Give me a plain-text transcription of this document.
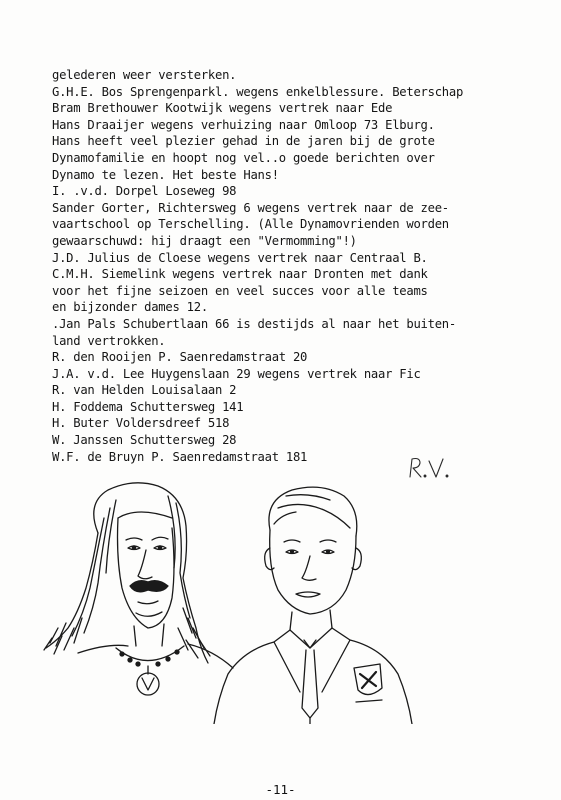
gelederen weer versterken.
G.H.E. Bos Sprengenparkl. wegens enkelblessure. Beterschap
Bram Brethouwer Kootwijk wegens vertrek naar Ede
Hans Draaijer wegens verhuizing naar Omloop 73 Elburg.
Hans heeft veel plezier gehad in de jaren bij de grote
Dynamofamilie en hoopt nog vel..o goede berichten over
Dynamo te lezen. Het beste Hans!
I. .v.d. Dorpel Loseweg 98
Sander Gorter, Richtersweg 6 wegens vertrek naar de zee-
vaartschool op Terschelling. (Alle Dynamovrienden worden
gewaarschuwd: hij draagt een "Vermomming"!)
J.D. Julius de Cloese wegens vertrek naar Centraal B.
C.M.H. Siemelink wegens vertrek naar Dronten met dank
voor het fijne seizoen en veel succes voor alle teams
en bijzonder dames 12.
.Jan Pals Schubertlaan 66 is destijds al naar het buiten-
land vertrokken.
R. den Rooijen P. Saenredamstraat 20
J.A. v.d. Lee Huygenslaan 29 wegens vertrek naar Fic
R. van Helden Louisalaan 2
H. Foddema Schuttersweg 141
H. Buter Voldersdreef 518
W. Janssen Schuttersweg 28
W.F. de Bruyn P. Saenredamstraat 181
-11-
